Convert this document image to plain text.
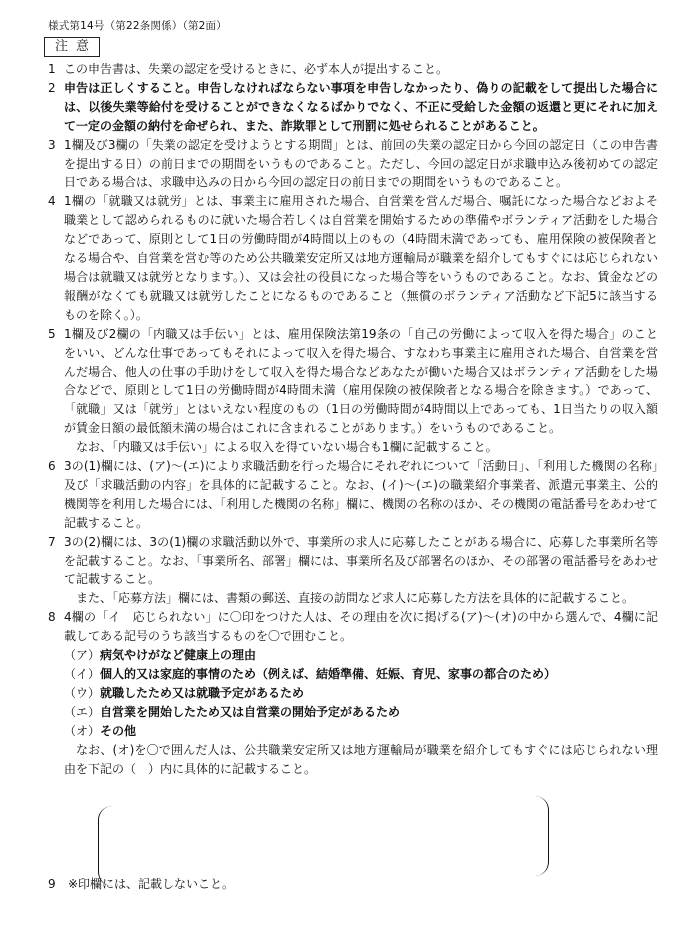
様式第14号（第22条関係）（第2面）
注意
1 この申告書は、失業の認定を受けるときに、必ず本人が提出すること。
2 申告は正しくすること。申告しなければならない事項を申告しなかったり、偽りの記載をして提出した場合には、以後失業等給付を受けることができなくなるばかりでなく、不正に受給した金額の返還と更にそれに加えて一定の金額の納付を命ぜられ、また、詐欺罪として刑罰に処せられることがあること。
3 1欄及び3欄の「失業の認定を受けようとする期間」とは、前回の失業の認定日から今回の認定日（この申告書を提出する日）の前日までの期間をいうものであること。ただし、今回の認定日が求職申込み後初めての認定日である場合は、求職申込みの日から今回の認定日の前日までの期間をいうものであること。
4 1欄の「就職又は就労」とは、事業主に雇用された場合、自営業を営んだ場合、嘱託になった場合などおよそ職業として認められるものに就いた場合若しくは自営業を開始するための準備やボランティア活動をした場合などであって、原則として1日の労働時間が4時間以上のもの（4時間未満であっても、雇用保険の被保険者となる場合や、自営業を営む等のため公共職業安定所又は地方運輸局が職業を紹介してもすぐには応じられない場合は就職又は就労となります。）、又は会社の役員になった場合等をいうものであること。なお、賃金などの報酬がなくても就職又は就労したことになるものであること（無償のボランティア活動など下記5に該当するものを除く。）。
5 1欄及び2欄の「内職又は手伝い」とは、雇用保険法第19条の「自己の労働によって収入を得た場合」のことをいい、どんな仕事であってもそれによって収入を得た場合、すなわち事業主に雇用された場合、自営業を営んだ場合、他人の仕事の手助けをして収入を得た場合などあなたが働いた場合又はボランティア活動をした場合などで、原則として1日の労働時間が4時間未満（雇用保険の被保険者となる場合を除きます。）であって、「就職」又は「就労」とはいえない程度のもの（1日の労働時間が4時間以上であっても、1日当たりの収入額が賃金日額の最低額未満の場合はこれに含まれることがあります。）をいうものであること。
なお、「内職又は手伝い」による収入を得ていない場合も1欄に記載すること。
6 3の(1)欄には、(ア)～(エ)により求職活動を行った場合にそれぞれについて「活動日」、「利用した機関の名称」及び「求職活動の内容」を具体的に記載すること。なお、(イ)～(エ)の職業紹介事業者、派遣元事業主、公的機関等を利用した場合には、「利用した機関の名称」欄に、機関の名称のほか、その機関の電話番号をあわせて記載すること。
7 3の(2)欄には、3の(1)欄の求職活動以外で、事業所の求人に応募したことがある場合に、応募した事業所名等を記載すること。なお、「事業所名、部署」欄には、事業所名及び部署名のほか、その部署の電話番号をあわせて記載すること。
また、「応募方法」欄には、書類の郵送、直接の訪問など求人に応募した方法を具体的に記載すること。
8 4欄の「イ　応じられない」に〇印をつけた人は、その理由を次に掲げる(ア)～(オ)の中から選んで、4欄に記載してある記号のうち該当するものを〇で囲むこと。
（ア）病気やけがなど健康上の理由
（イ）個人的又は家庭的事情のため（例えば、結婚準備、妊娠、育児、家事の都合のため）
（ウ）就職したため又は就職予定があるため
（エ）自営業を開始したため又は自営業の開始予定があるため
（オ）その他
なお、(オ)を〇で囲んだ人は、公共職業安定所又は地方運輸局が職業を紹介してもすぐには応じられない理由を下記の（　）内に具体的に記載すること。
9 ※印欄には、記載しないこと。
